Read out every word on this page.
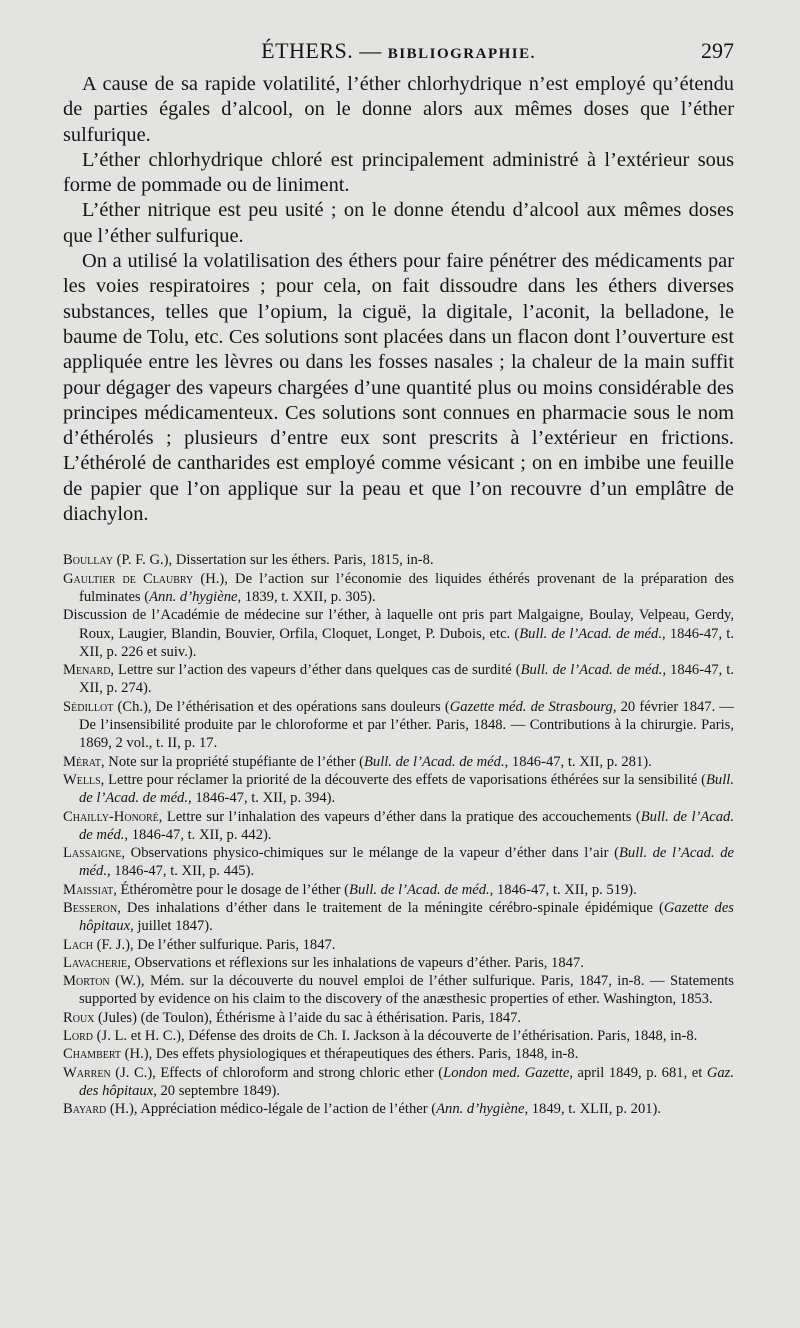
ÉTHERS. — BIBLIOGRAPHIE.	297

A cause de sa rapide volatilité, l’éther chlorhydrique n’est employé qu’étendu de parties égales d’alcool, on le donne alors aux mêmes doses que l’éther sulfurique.

L’éther chlorhydrique chloré est principalement administré à l’extérieur sous forme de pommade ou de liniment.

L’éther nitrique est peu usité ; on le donne étendu d’alcool aux mêmes doses que l’éther sulfurique.

On a utilisé la volatilisation des éthers pour faire pénétrer des médicaments par les voies respiratoires ; pour cela, on fait dissoudre dans les éthers diverses substances, telles que l’opium, la ciguë, la digitale, l’aconit, la belladone, le baume de Tolu, etc. Ces solutions sont placées dans un flacon dont l’ouverture est appliquée entre les lèvres ou dans les fosses nasales ; la chaleur de la main suffit pour dégager des vapeurs chargées d’une quantité plus ou moins considérable des principes médicamenteux. Ces solutions sont connues en pharmacie sous le nom d’éthérolés ; plusieurs d’entre eux sont prescrits à l’extérieur en frictions. L’éthérolé de cantharides est employé comme vésicant ; on en imbibe une feuille de papier que l’on applique sur la peau et que l’on recouvre d’un emplâtre de diachylon.

Boullay (P. F. G.), Dissertation sur les éthers. Paris, 1815, in-8.

Gaultier de Claubry (H.), De l’action sur l’économie des liquides éthérés provenant de la préparation des fulminates (Ann. d’hygiène, 1839, t. XXII, p. 305).

Discussion de l’Académie de médecine sur l’éther, à laquelle ont pris part Malgaigne, Boulay, Velpeau, Gerdy, Roux, Laugier, Blandin, Bouvier, Orfila, Cloquet, Longet, P. Dubois, etc. (Bull. de l’Acad. de méd., 1846-47, t. XII, p. 226 et suiv.).

Menard, Lettre sur l’action des vapeurs d’éther dans quelques cas de surdité (Bull. de l’Acad. de méd., 1846-47, t. XII, p. 274).

Sédillot (Ch.), De l’éthérisation et des opérations sans douleurs (Gazette méd. de Strasbourg, 20 février 1847. — De l’insensibilité produite par le chloroforme et par l’éther. Paris, 1848. — Contributions à la chirurgie. Paris, 1869, 2 vol., t. II, p. 17.

Mérat, Note sur la propriété stupéfiante de l’éther (Bull. de l’Acad. de méd., 1846-47, t. XII, p. 281).

Wells, Lettre pour réclamer la priorité de la découverte des effets de vaporisations éthérées sur la sensibilité (Bull. de l’Acad. de méd., 1846-47, t. XII, p. 394).

Chailly-Honoré, Lettre sur l’inhalation des vapeurs d’éther dans la pratique des accouchements (Bull. de l’Acad. de méd., 1846-47, t. XII, p. 442).

Lassaigne, Observations physico-chimiques sur le mélange de la vapeur d’éther dans l’air (Bull. de l’Acad. de méd., 1846-47, t. XII, p. 445).

Maissiat, Éthéromètre pour le dosage de l’éther (Bull. de l’Acad. de méd., 1846-47, t. XII, p. 519).

Besseron, Des inhalations d’éther dans le traitement de la méningite cérébro-spinale épidémique (Gazette des hôpitaux, juillet 1847).

Lach (F. J.), De l’éther sulfurique. Paris, 1847.

Lavacherie, Observations et réflexions sur les inhalations de vapeurs d’éther. Paris, 1847.

Morton (W.), Mém. sur la découverte du nouvel emploi de l’éther sulfurique. Paris, 1847, in-8. — Statements supported by evidence on his claim to the discovery of the anæsthesic properties of ether. Washington, 1853.

Roux (Jules) (de Toulon), Éthérisme à l’aide du sac à éthérisation. Paris, 1847.

Lord (J. L. et H. C.), Défense des droits de Ch. I. Jackson à la découverte de l’éthérisation. Paris, 1848, in-8.

Chambert (H.), Des effets physiologiques et thérapeutiques des éthers. Paris, 1848, in-8.

Warren (J. C.), Effects of chloroform and strong chloric ether (London med. Gazette, april 1849, p. 681, et Gaz. des hôpitaux, 20 septembre 1849).

Bayard (H.), Appréciation médico-légale de l’action de l’éther (Ann. d’hygiène, 1849, t. XLII, p. 201).
